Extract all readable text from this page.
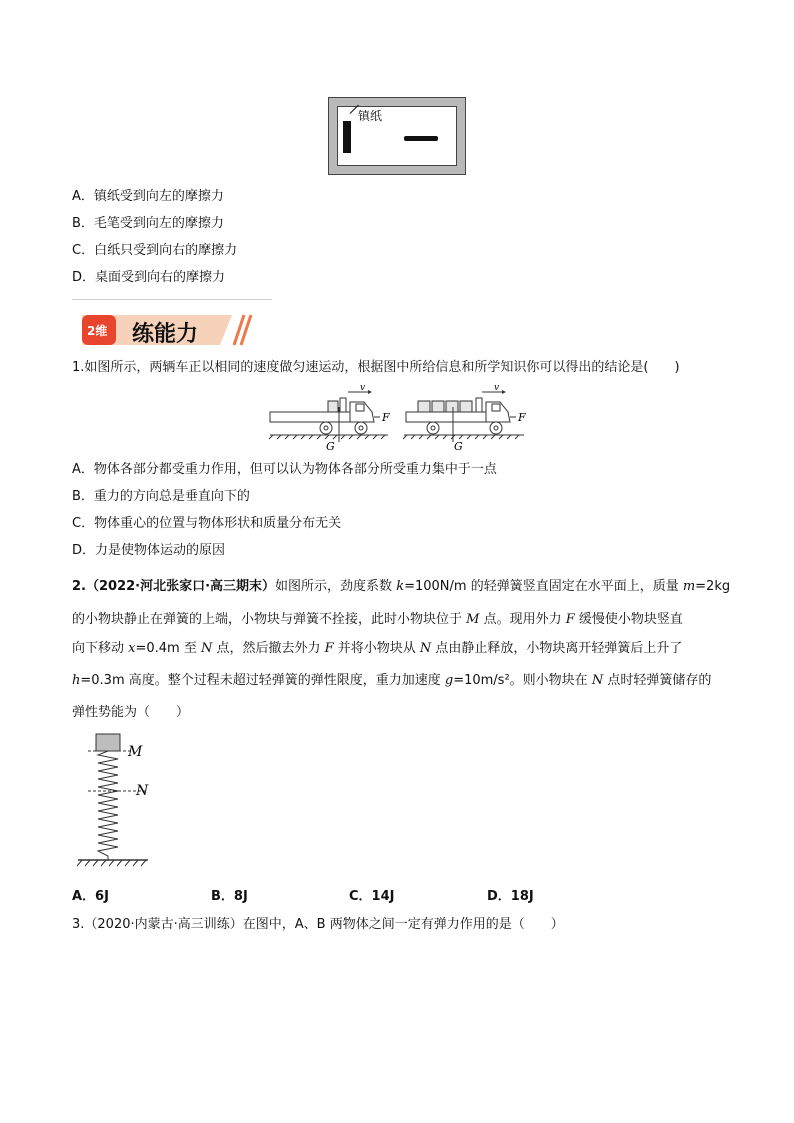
镇纸
A．镇纸受到向左的摩擦力
B．毛笔受到向左的摩擦力
C．白纸只受到向右的摩擦力
D．桌面受到向右的摩擦力
2维 练能力
1.如图所示，两辆车正以相同的速度做匀速运动，根据图中所给信息和所学知识你可以得出的结论是(　　)
v
F
G
v
F
G
A．物体各部分都受重力作用，但可以认为物体各部分所受重力集中于一点
B．重力的方向总是垂直向下的
C．物体重心的位置与物体形状和质量分布无关
D．力是使物体运动的原因
2.（2022·河北张家口·高三期末）如图所示，劲度系数 k=100N/m 的轻弹簧竖直固定在水平面上，质量 m=2kg
的小物块静止在弹簧的上端，小物块与弹簧不拴接，此时小物块位于 M 点。现用外力 F 缓慢使小物块竖直
向下移动 x=0.4m 至 N 点，然后撤去外力 F 并将小物块从 N 点由静止释放，小物块离开轻弹簧后上升了
h=0.3m 高度。整个过程未超过轻弹簧的弹性限度，重力加速度 g=10m/s²。则小物块在 N 点时轻弹簧储存的
弹性势能为（　　）
M
N
A．6J	B．8J	C．14J	D．18J
3.（2020·内蒙古·高三训练）在图中，A、B 两物体之间一定有弹力作用的是（　　）
